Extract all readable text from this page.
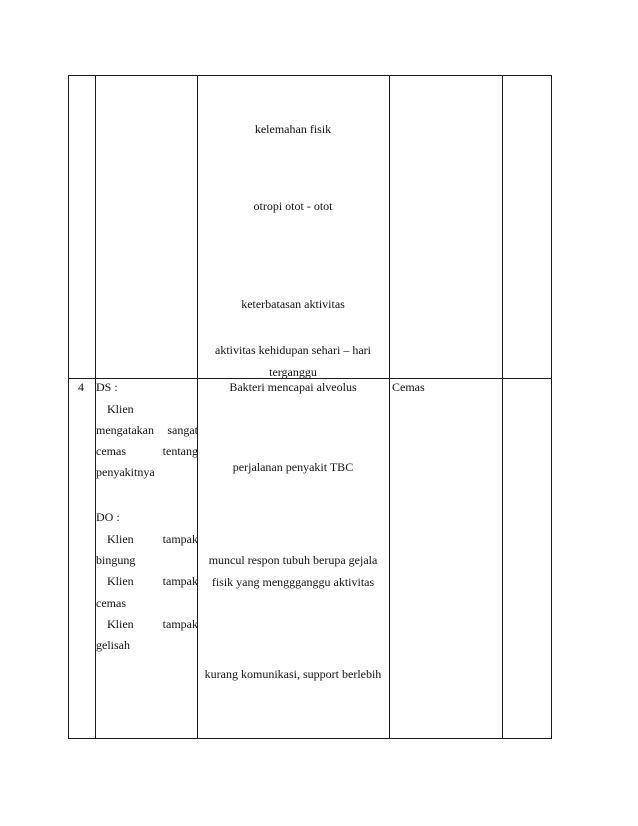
kelemahan fisik
otropi otot - otot
keterbatasan aktivitas
aktivitas kehidupan sehari – hari
terganggu
4 DS :
Klien
mengatakan sangat
cemas	tentang
penyakitnya
DO :
Klien tampak
bingung
Klien tampak
cemas
Klien tampak
gelisah
Bakteri mencapai alveolus
perjalanan penyakit TBC
muncul respon tubuh berupa gejala
fisik yang menggganggu aktivitas
kurang komunikasi, support berlebih
Cemas
